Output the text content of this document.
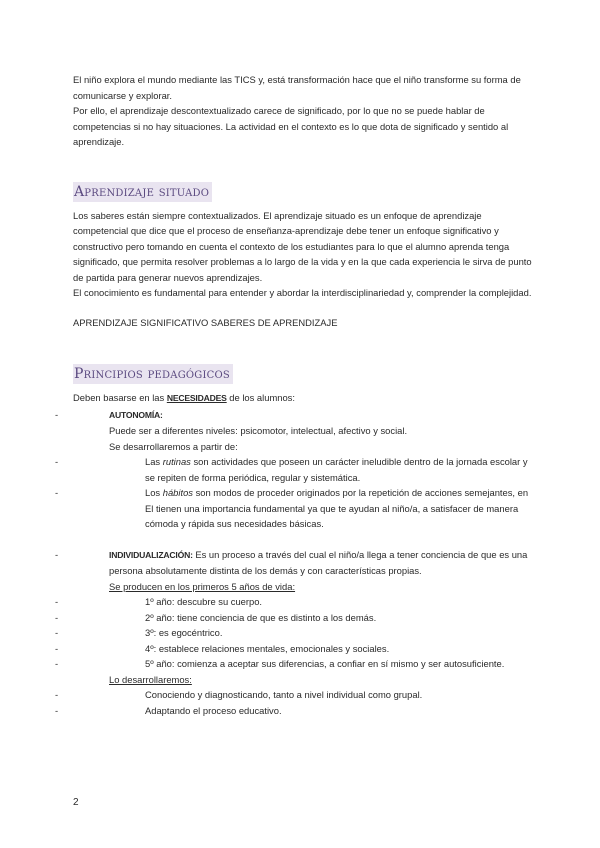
El niño explora el mundo mediante las TICS y, está transformación hace que el niño transforme su forma de comunicarse y explorar.

Por ello, el aprendizaje descontextualizado carece de significado, por lo que no se puede hablar de competencias si no hay situaciones. La actividad en el contexto es lo que dota de significado y sentido al aprendizaje.

Aprendizaje situado

Los saberes están siempre contextualizados. El aprendizaje situado es un enfoque de aprendizaje competencial que dice que el proceso de enseñanza-aprendizaje debe tener un enfoque significativo y constructivo pero tomando en cuenta el contexto de los estudiantes para lo que el alumno aprenda tenga significado, que permita resolver problemas a lo largo de la vida y en la que cada experiencia le sirva de punto de partida para generar nuevos aprendizajes.

El conocimiento es fundamental para entender y abordar la interdisciplinariedad y, comprender la complejidad.

APRENDIZAJE SIGNIFICATIVO SABERES DE APRENDIZAJE

Principios pedagógicos

Deben basarse en las NECESIDADES de los alumnos:

-	AUTONOMÍA:

Puede ser a diferentes niveles: psicomotor, intelectual, afectivo y social.

Se desarrollaremos a partir de:

-	Las rutinas son actividades que poseen un carácter ineludible dentro de la jornada escolar y se repiten de forma periódica, regular y sistemática.
-	Los hábitos son modos de proceder originados por la repetición de acciones semejantes, en El tienen una importancia fundamental ya que te ayudan al niño/a, a satisfacer de manera cómoda y rápida sus necesidades básicas.
-	INDIVIDUALIZACIÓN: Es un proceso a través del cual el niño/a llega a tener conciencia de que es una persona absolutamente distinta de los demás y con características propias.

Se producen en los primeros 5 años de vida:

-	1º año: descubre su cuerpo.
-	2º año: tiene conciencia de que es distinto a los demás.
-	3º: es egocéntrico.
-	4º: establece relaciones mentales, emocionales y sociales.
-	5º año: comienza a aceptar sus diferencias, a confiar en sí mismo y ser autosuficiente.

Lo desarrollaremos:

-	Conociendo y diagnosticando, tanto a nivel individual como grupal.
-	Adaptando el proceso educativo.
2
